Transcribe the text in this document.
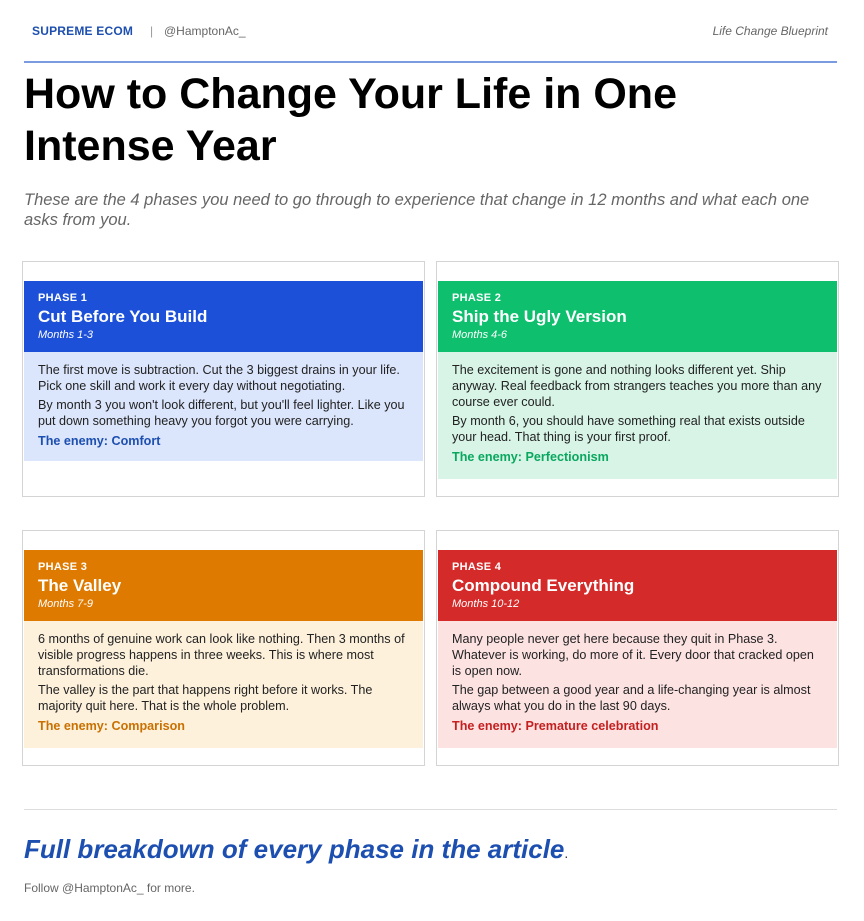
SUPREME ECOM | @HamptonAc_	Life Change Blueprint
How to Change Your Life in One Intense Year

These are the 4 phases you need to go through to experience that change in 12 months and what each one asks from you.

PHASE 1
Cut Before You Build
Months 1-3

The first move is subtraction. Cut the 3 biggest drains in your life. Pick one skill and work it every day without negotiating.

By month 3 you won't look different, but you'll feel lighter. Like you put down something heavy you forgot you were carrying.

The enemy: Comfort

PHASE 2
Ship the Ugly Version
Months 4-6

The excitement is gone and nothing looks different yet. Ship anyway. Real feedback from strangers teaches you more than any course ever could.

By month 6, you should have something real that exists outside your head. That thing is your first proof.

The enemy: Perfectionism

PHASE 3
The Valley
Months 7-9

6 months of genuine work can look like nothing. Then 3 months of visible progress happens in three weeks. This is where most transformations die.

The valley is the part that happens right before it works. The majority quit here. That is the whole problem.

The enemy: Comparison

PHASE 4
Compound Everything
Months 10-12

Many people never get here because they quit in Phase 3. Whatever is working, do more of it. Every door that cracked open is open now.

The gap between a good year and a life-changing year is almost always what you do in the last 90 days.

The enemy: Premature celebration

Full breakdown of every phase in the article.
Follow @HamptonAc_ for more.
